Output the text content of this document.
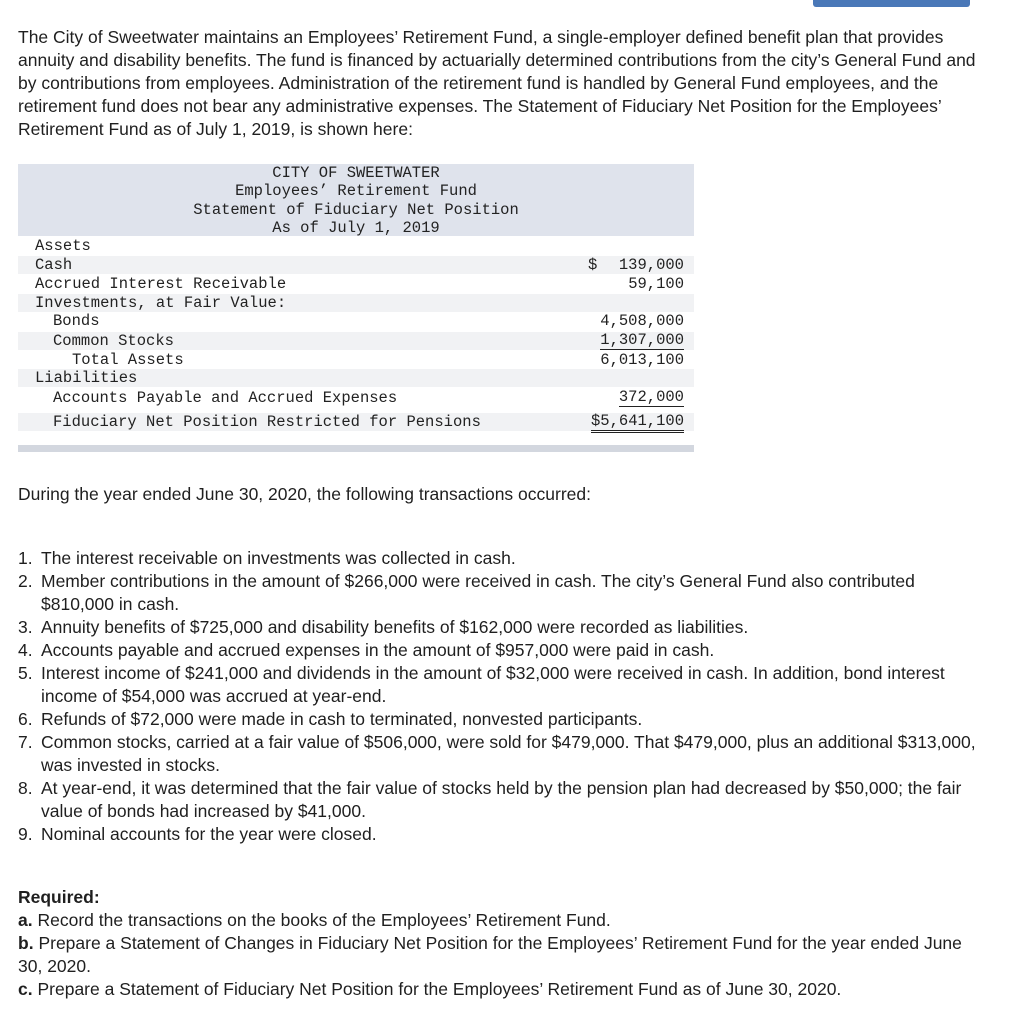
The City of Sweetwater maintains an Employees’ Retirement Fund, a single-employer defined benefit plan that provides annuity and disability benefits. The fund is financed by actuarially determined contributions from the city’s General Fund and by contributions from employees. Administration of the retirement fund is handled by General Fund employees, and the retirement fund does not bear any administrative expenses. The Statement of Fiduciary Net Position for the Employees’ Retirement Fund as of July 1, 2019, is shown here:

CITY OF SWEETWATER
Employees’ Retirement Fund
Statement of Fiduciary Net Position
As of July 1, 2019
Assets
Cash	$ 139,000
Accrued Interest Receivable	59,100
Investments, at Fair Value:
Bonds	4,508,000
Common Stocks	1,307,000
Total Assets	6,013,100
Liabilities
Accounts Payable and Accrued Expenses	372,000
Fiduciary Net Position Restricted for Pensions	$5,641,100

During the year ended June 30, 2020, the following transactions occurred:

1. The interest receivable on investments was collected in cash.
2. Member contributions in the amount of $266,000 were received in cash. The city’s General Fund also contributed $810,000 in cash.
3. Annuity benefits of $725,000 and disability benefits of $162,000 were recorded as liabilities.
4. Accounts payable and accrued expenses in the amount of $957,000 were paid in cash.
5. Interest income of $241,000 and dividends in the amount of $32,000 were received in cash. In addition, bond interest income of $54,000 was accrued at year-end.
6. Refunds of $72,000 were made in cash to terminated, nonvested participants.
7. Common stocks, carried at a fair value of $506,000, were sold for $479,000. That $479,000, plus an additional $313,000, was invested in stocks.
8. At year-end, it was determined that the fair value of stocks held by the pension plan had decreased by $50,000; the fair value of bonds had increased by $41,000.
9. Nominal accounts for the year were closed.
Required:
a. Record the transactions on the books of the Employees’ Retirement Fund.
b. Prepare a Statement of Changes in Fiduciary Net Position for the Employees’ Retirement Fund for the year ended June 30, 2020.
c. Prepare a Statement of Fiduciary Net Position for the Employees’ Retirement Fund as of June 30, 2020.
